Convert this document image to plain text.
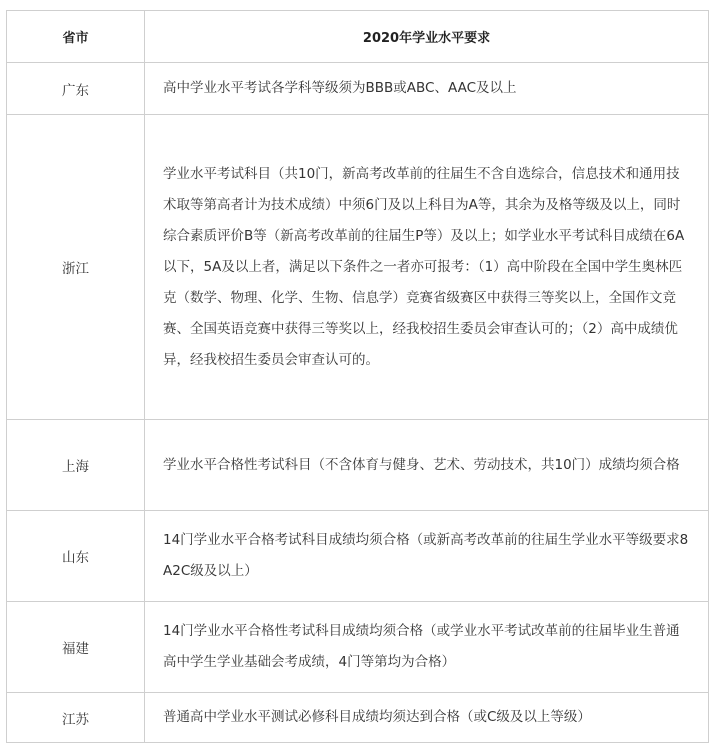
省市	2020年学业水平要求
广东	高中学业水平考试各学科等级须为BBB或ABC、AAC及以上
浙江	学业水平考试科目（共10门，新高考改革前的往届生不含自选综合，信息技术和通用技术取等第高者计为技术成绩）中须6门及以上科目为A等，其余为及格等级及以上，同时综合素质评价B等（新高考改革前的往届生P等）及以上；如学业水平考试科目成绩在6A以下，5A及以上者，满足以下条件之一者亦可报考：（1）高中阶段在全国中学生奥林匹克（数学、物理、化学、生物、信息学）竞赛省级赛区中获得三等奖以上，全国作文竞赛、全国英语竞赛中获得三等奖以上，经我校招生委员会审查认可的；（2）高中成绩优异，经我校招生委员会审查认可的。
上海	学业水平合格性考试科目（不含体育与健身、艺术、劳动技术，共10门）成绩均须合格
山东	14门学业水平合格考试科目成绩均须合格（或新高考改革前的往届生学业水平等级要求8A2C级及以上）
福建	14门学业水平合格性考试科目成绩均须合格（或学业水平考试改革前的往届毕业生普通高中学生学业基础会考成绩，4门等第均为合格）
江苏	普通高中学业水平测试必修科目成绩均须达到合格（或C级及以上等级）
